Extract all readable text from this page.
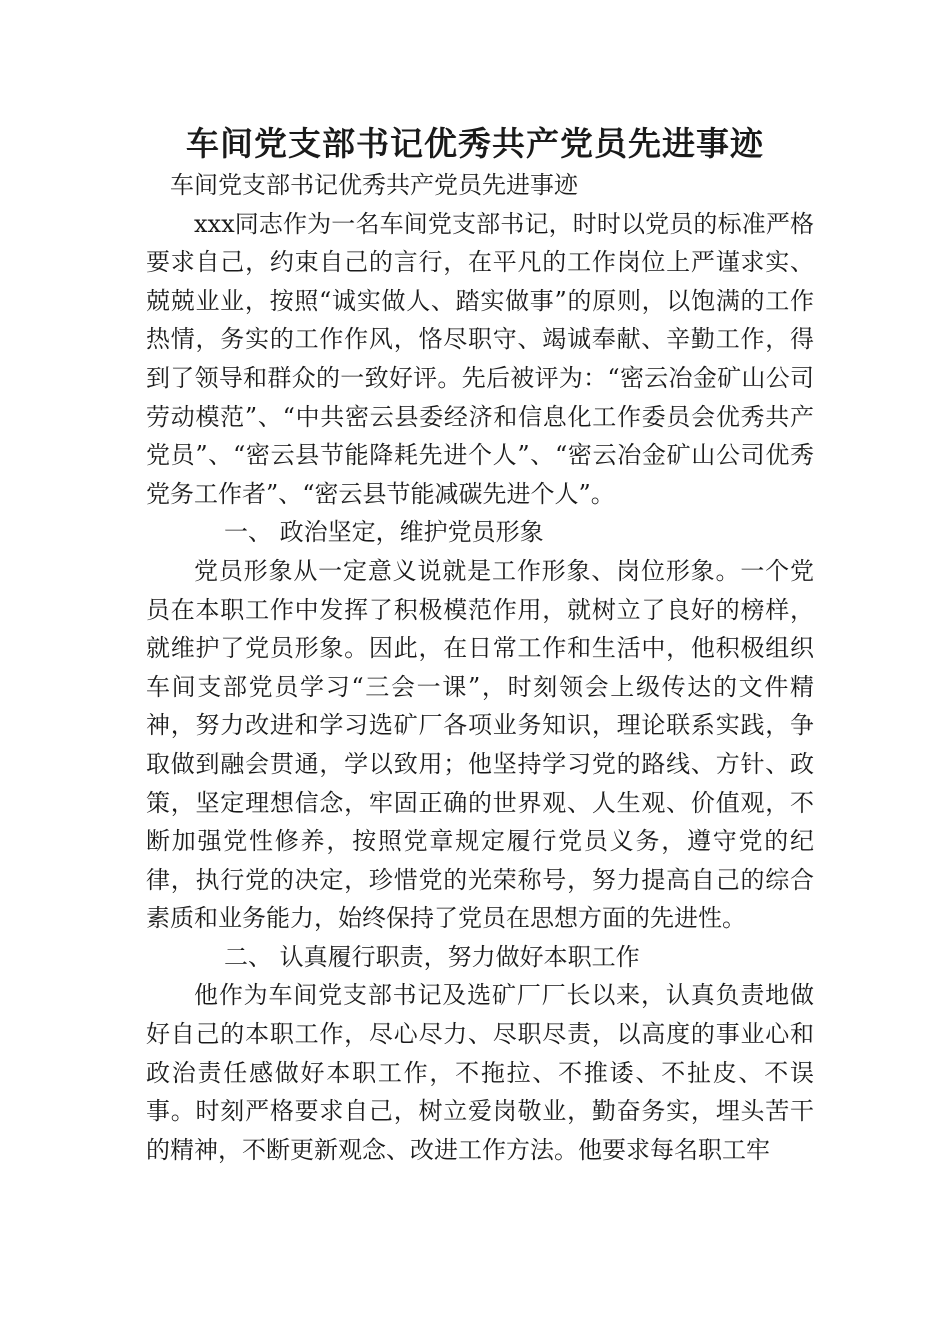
车间党支部书记优秀共产党员先进事迹

车间党支部书记优秀共产党员先进事迹

xxx同志作为一名车间党支部书记，时时以党员的标准严格要求自己，约束自己的言行，在平凡的工作岗位上严谨求实、兢兢业业，按照“诚实做人、踏实做事”的原则，以饱满的工作热情，务实的工作作风，恪尽职守、竭诚奉献、辛勤工作，得到了领导和群众的一致好评。先后被评为：“密云冶金矿山公司劳动模范”、“中共密云县委经济和信息化工作委员会优秀共产党员”、“密云县节能降耗先进个人”、“密云冶金矿山公司优秀党务工作者”、“密云县节能减碳先进个人”。

一、 政治坚定，维护党员形象

党员形象从一定意义说就是工作形象、岗位形象。一个党员在本职工作中发挥了积极模范作用，就树立了良好的榜样，就维护了党员形象。因此，在日常工作和生活中，他积极组织车间支部党员学习“三会一课”，时刻领会上级传达的文件精神，努力改进和学习选矿厂各项业务知识，理论联系实践，争取做到融会贯通，学以致用；他坚持学习党的路线、方针、政策，坚定理想信念，牢固正确的世界观、人生观、价值观，不断加强党性修养，按照党章规定履行党员义务，遵守党的纪律，执行党的决定，珍惜党的光荣称号，努力提高自己的综合素质和业务能力，始终保持了党员在思想方面的先进性。

二、 认真履行职责，努力做好本职工作

他作为车间党支部书记及选矿厂厂长以来，认真负责地做好自己的本职工作，尽心尽力、尽职尽责，以高度的事业心和政治责任感做好本职工作，不拖拉、不推诿、不扯皮、不误事。时刻严格要求自己，树立爱岗敬业，勤奋务实，埋头苦干的精神，不断更新观念、改进工作方法。他要求每名职工牢
